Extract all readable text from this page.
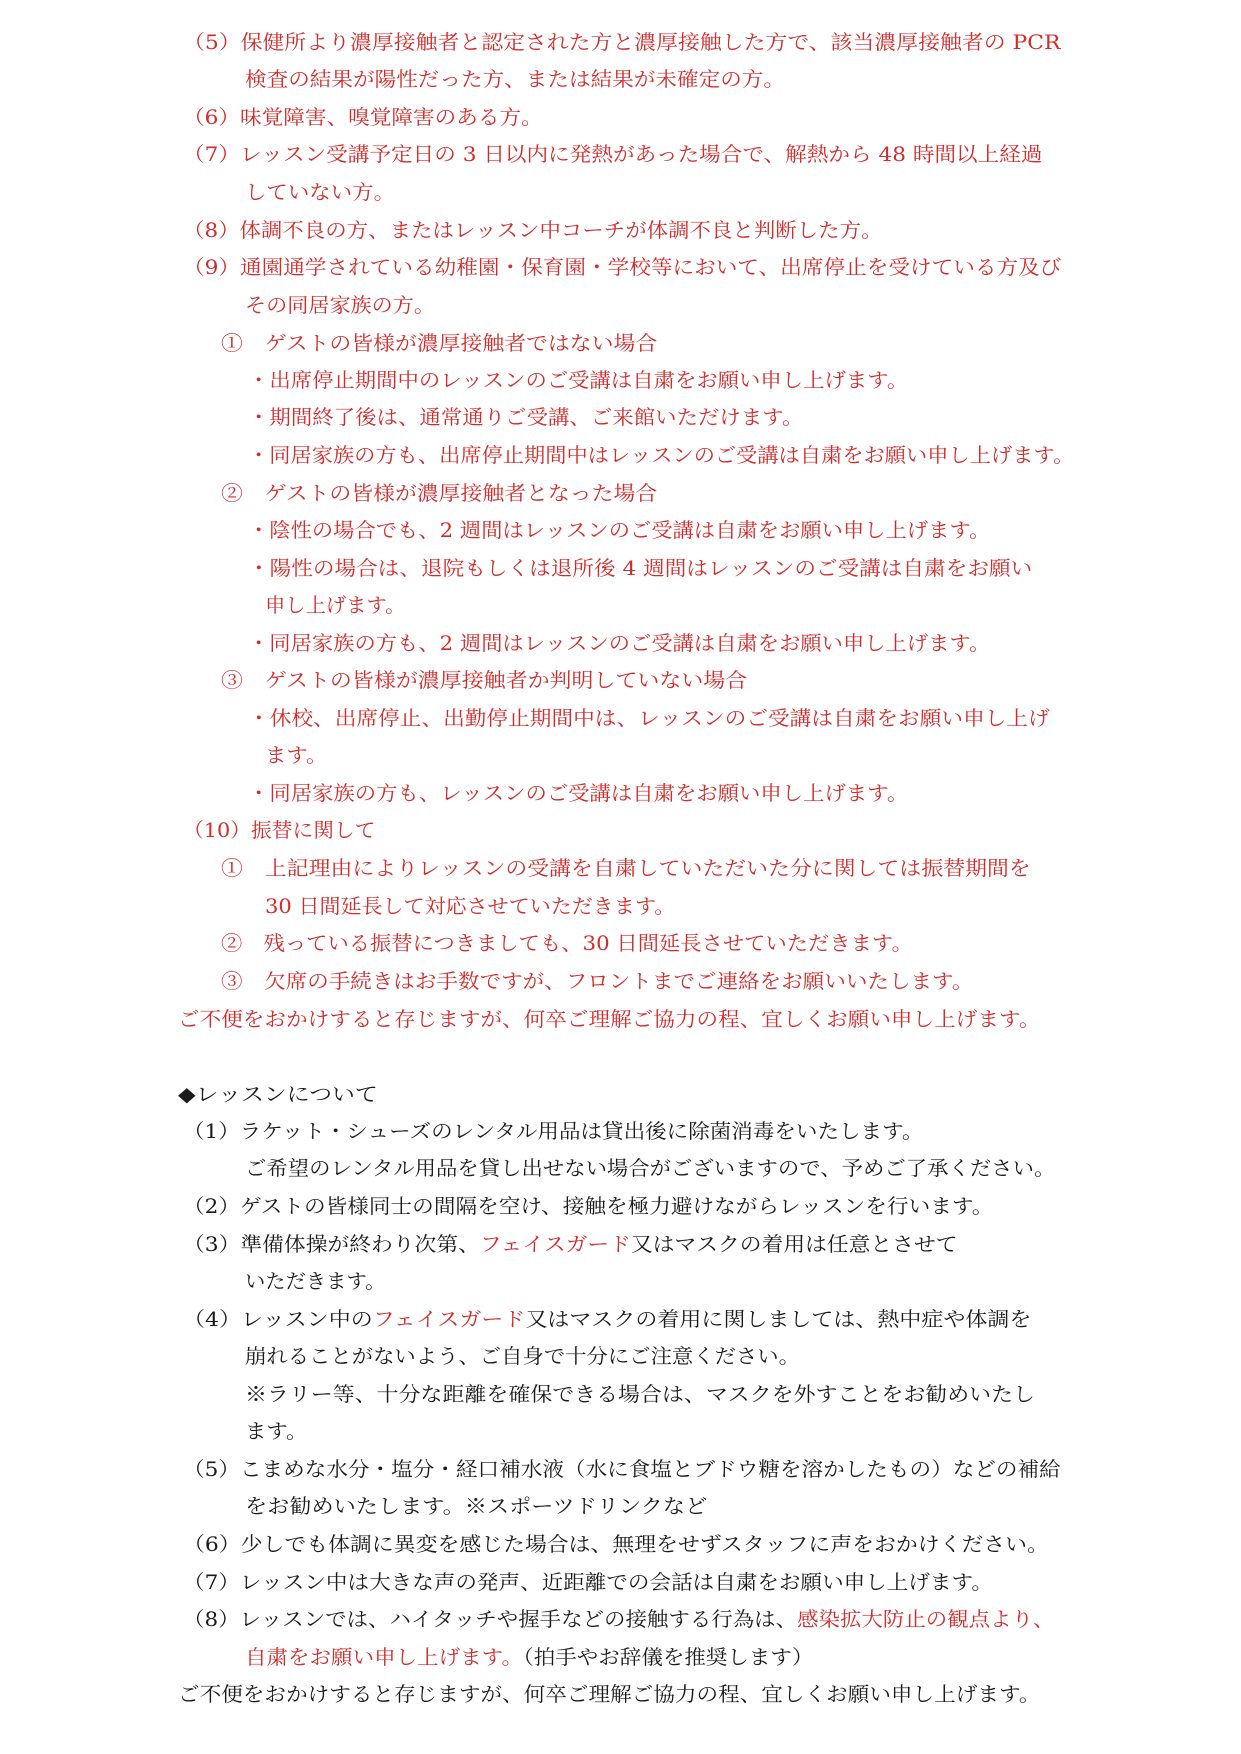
（5）保健所より濃厚接触者と認定された方と濃厚接触した方で、該当濃厚接触者の PCR
検査の結果が陽性だった方、または結果が未確定の方。
（6）味覚障害、嗅覚障害のある方。
（7）レッスン受講予定日の 3 日以内に発熱があった場合で、解熱から 48 時間以上経過
していない方。
（8）体調不良の方、またはレッスン中コーチが体調不良と判断した方。
（9）通園通学されている幼稚園・保育園・学校等において、出席停止を受けている方及び
その同居家族の方。
①　ゲストの皆様が濃厚接触者ではない場合
・出席停止期間中のレッスンのご受講は自粛をお願い申し上げます。
・期間終了後は、通常通りご受講、ご来館いただけます。
・同居家族の方も、出席停止期間中はレッスンのご受講は自粛をお願い申し上げます。
②　ゲストの皆様が濃厚接触者となった場合
・陰性の場合でも、2 週間はレッスンのご受講は自粛をお願い申し上げます。
・陽性の場合は、退院もしくは退所後 4 週間はレッスンのご受講は自粛をお願い
申し上げます。
・同居家族の方も、2 週間はレッスンのご受講は自粛をお願い申し上げます。
③　ゲストの皆様が濃厚接触者か判明していない場合
・休校、出席停止、出勤停止期間中は、レッスンのご受講は自粛をお願い申し上げ
ます。
・同居家族の方も、レッスンのご受講は自粛をお願い申し上げます。
（10）振替に関して
①　上記理由によりレッスンの受講を自粛していただいた分に関しては振替期間を
30 日間延長して対応させていただきます。
②　残っている振替につきましても、30 日間延長させていただきます。
③　欠席の手続きはお手数ですが、フロントまでご連絡をお願いいたします。
ご不便をおかけすると存じますが、何卒ご理解ご協力の程、宜しくお願い申し上げます。
◆レッスンについて
（1）ラケット・シューズのレンタル用品は貸出後に除菌消毒をいたします。
ご希望のレンタル用品を貸し出せない場合がございますので、予めご了承ください。
（2）ゲストの皆様同士の間隔を空け、接触を極力避けながらレッスンを行います。
（3）準備体操が終わり次第、フェイスガード又はマスクの着用は任意とさせて
いただきます。
（4）レッスン中のフェイスガード又はマスクの着用に関しましては、熱中症や体調を
崩れることがないよう、ご自身で十分にご注意ください。
※ラリー等、十分な距離を確保できる場合は、マスクを外すことをお勧めいたし
ます。
（5）こまめな水分・塩分・経口補水液（水に食塩とブドウ糖を溶かしたもの）などの補給
をお勧めいたします。※スポーツドリンクなど
（6）少しでも体調に異変を感じた場合は、無理をせずスタッフに声をおかけください。
（7）レッスン中は大きな声の発声、近距離での会話は自粛をお願い申し上げます。
（8）レッスンでは、ハイタッチや握手などの接触する行為は、感染拡大防止の観点より、
自粛をお願い申し上げます。（拍手やお辞儀を推奨します）
ご不便をおかけすると存じますが、何卒ご理解ご協力の程、宜しくお願い申し上げます。
